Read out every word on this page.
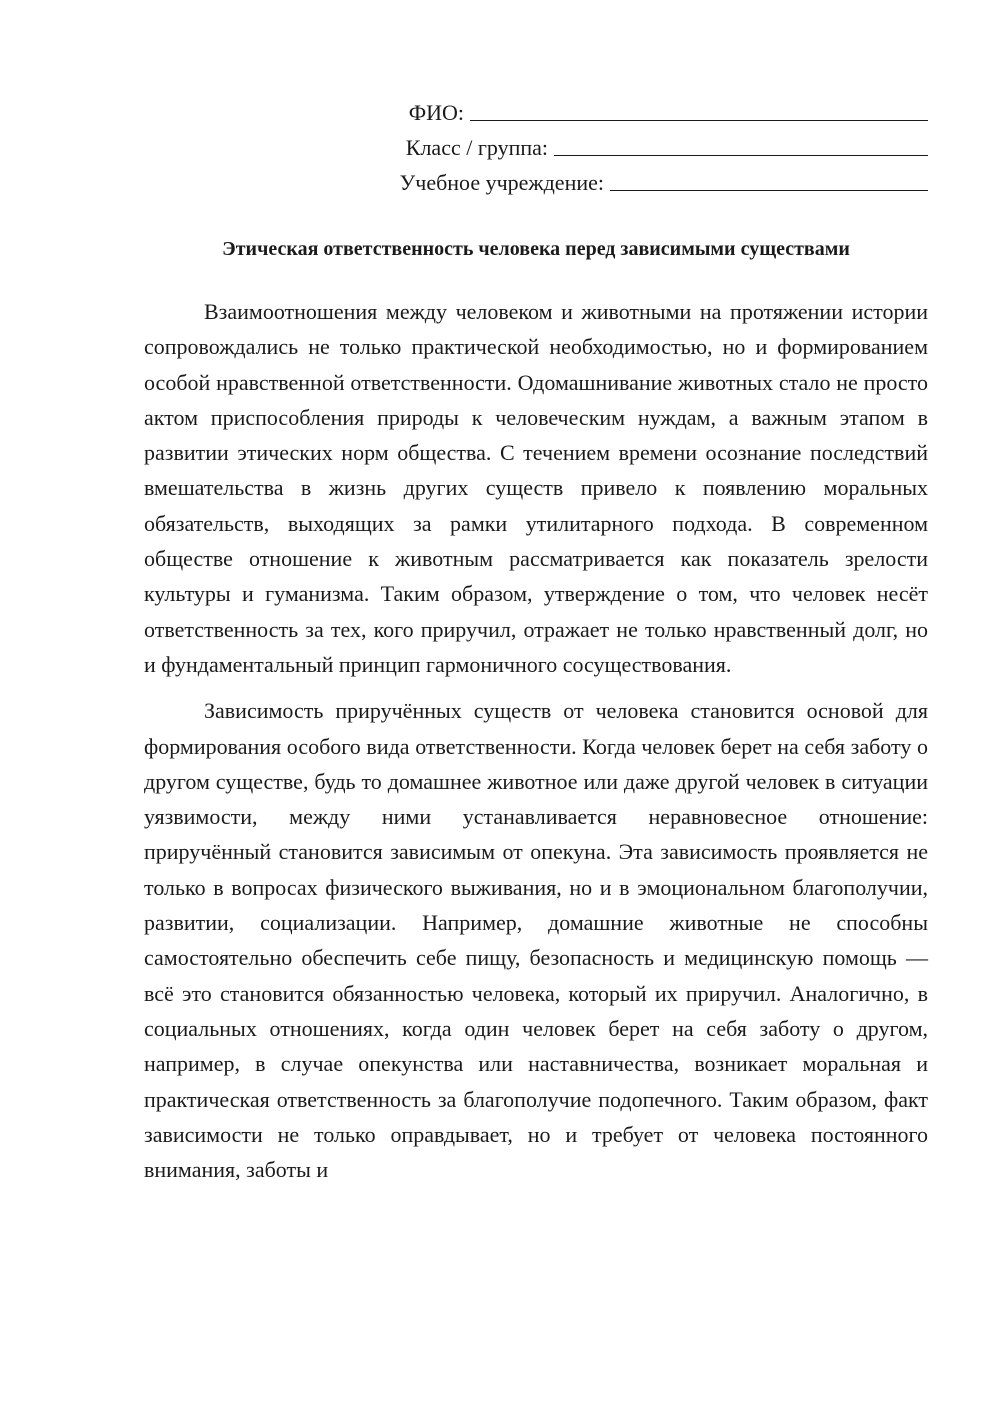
ФИО:
Класс / группа:
Учебное учреждение:
Этическая ответственность человека перед зависимыми существами

Взаимоотношения между человеком и животными на протяжении истории сопровождались не только практической необходимостью, но и формированием особой нравственной ответственности. Одомашнивание животных стало не просто актом приспособления природы к человеческим нуждам, а важным этапом в развитии этических норм общества. С течением времени осознание последствий вмешательства в жизнь других существ привело к появлению моральных обязательств, выходящих за рамки утилитарного подхода. В современном обществе отношение к животным рассматривается как показатель зрелости культуры и гуманизма. Таким образом, утверждение о том, что человек несёт ответственность за тех, кого приручил, отражает не только нравственный долг, но и фундаментальный принцип гармоничного сосуществования.

Зависимость приручённых существ от человека становится основой для формирования особого вида ответственности. Когда человек берет на себя заботу о другом существе, будь то домашнее животное или даже другой человек в ситуации уязвимости, между ними устанавливается неравновесное отношение: приручённый становится зависимым от опекуна. Эта зависимость проявляется не только в вопросах физического выживания, но и в эмоциональном благополучии, развитии, социализации. Например, домашние животные не способны самостоятельно обеспечить себе пищу, безопасность и медицинскую помощь — всё это становится обязанностью человека, который их приручил. Аналогично, в социальных отношениях, когда один человек берет на себя заботу о другом, например, в случае опекунства или наставничества, возникает моральная и практическая ответственность за благополучие подопечного. Таким образом, факт зависимости не только оправдывает, но и требует от человека постоянного внимания, заботы и
